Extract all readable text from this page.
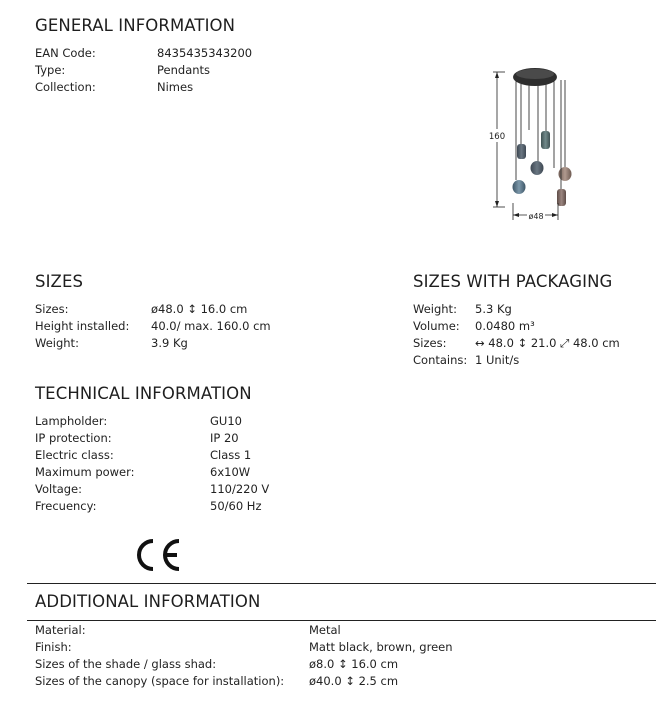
GENERAL INFORMATION
EAN Code:	8435435343200
Type:	Pendants
Collection:	Nimes
160
ø48
SIZES
Sizes:	ø48.0 ↕ 16.0 cm
Height installed: 40.0/ max. 160.0 cm
Weight:	3.9 Kg
SIZES WITH PACKAGING
Weight: 5.3 Kg
Volume: 0.0480 m³
Sizes: ↔ 48.0 ↕ 21.0 ⤢ 48.0 cm
Contains: 1 Unit/s
TECHNICAL INFORMATION
Lampholder:	GU10
IP protection:	IP 20
Electric class:	Class 1
Maximum power:	6x10W
Voltage:	110/220 V
Frecuency:	50/60 Hz
ADDITIONAL INFORMATION
Material:	Metal
Finish:	Matt black, brown, green
Sizes of the shade / glass shad:	ø8.0 ↕ 16.0 cm
Sizes of the canopy (space for installation): ø40.0 ↕ 2.5 cm
